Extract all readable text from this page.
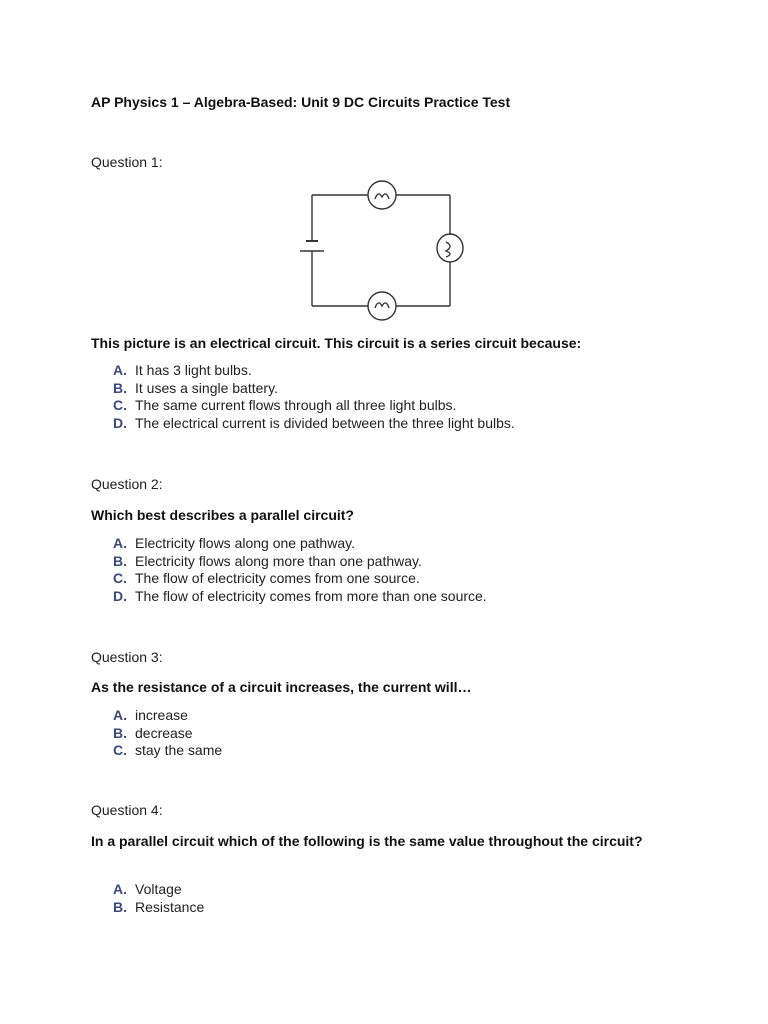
AP Physics 1 – Algebra-Based: Unit 9 DC Circuits Practice Test

Question 1:

This picture is an electrical circuit. This circuit is a series circuit because:

A. It has 3 light bulbs.
B. It uses a single battery.
C. The same current flows through all three light bulbs.
D. The electrical current is divided between the three light bulbs.

Question 2:

Which best describes a parallel circuit?

A. Electricity flows along one pathway.
B. Electricity flows along more than one pathway.
C. The flow of electricity comes from one source.
D. The flow of electricity comes from more than one source.

Question 3:

As the resistance of a circuit increases, the current will…

A. increase
B. decrease
C. stay the same

Question 4:

In a parallel circuit which of the following is the same value throughout the circuit?

A. Voltage
B. Resistance
